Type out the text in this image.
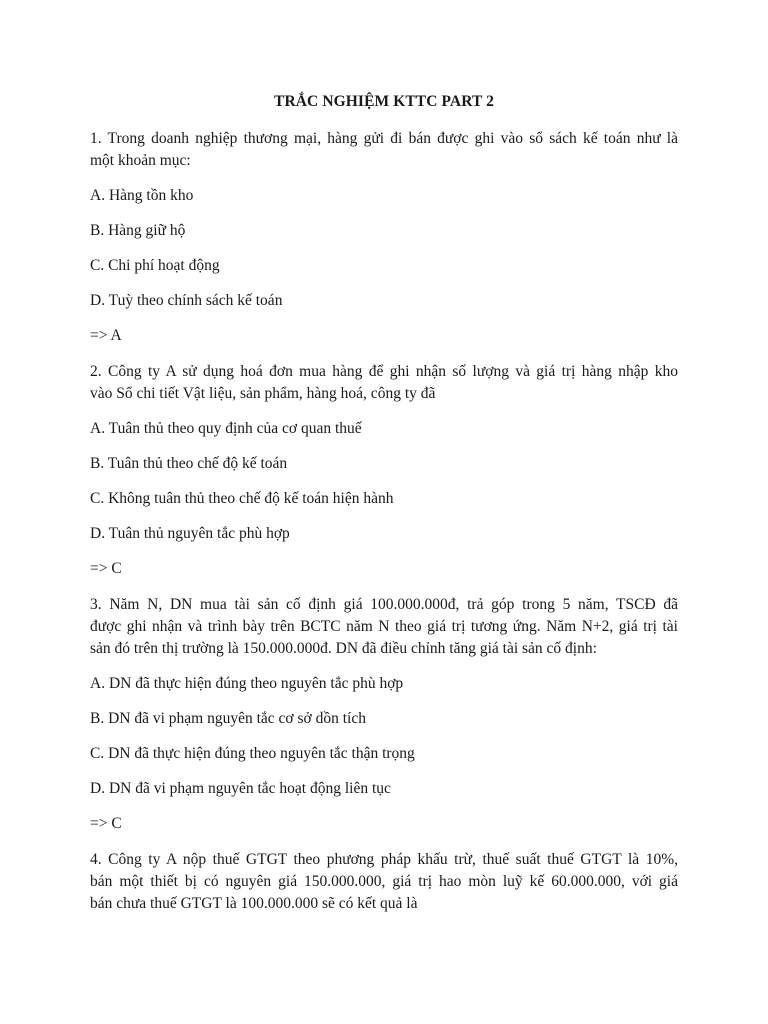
TRẮC NGHIỆM KTTC PART 2
1. Trong doanh nghiệp thương mại, hàng gửi đi bán được ghi vào sổ sách kế toán như là
một khoản mục:
A. Hàng tồn kho
B. Hàng giữ hộ
C. Chi phí hoạt động
D. Tuỳ theo chính sách kế toán
=> A
2. Công ty A sử dụng hoá đơn mua hàng để ghi nhận số lượng và giá trị hàng nhập kho
vào Sổ chi tiết Vật liệu, sản phẩm, hàng hoá, công ty đã
A. Tuân thủ theo quy định của cơ quan thuế
B. Tuân thủ theo chế độ kế toán
C. Không tuân thủ theo chế độ kế toán hiện hành
D. Tuân thủ nguyên tắc phù hợp
=> C
3. Năm N, DN mua tài sản cố định giá 100.000.000đ, trả góp trong 5 năm, TSCĐ đã
được ghi nhận và trình bày trên BCTC năm N theo giá trị tương ứng. Năm N+2, giá trị tài
sản đó trên thị trường là 150.000.000đ. DN đã điều chỉnh tăng giá tài sản cố định:
A. DN đã thực hiện đúng theo nguyên tắc phù hợp
B. DN đã vi phạm nguyên tắc cơ sở dồn tích
C. DN đã thực hiện đúng theo nguyên tắc thận trọng
D. DN đã vi phạm nguyên tắc hoạt động liên tục
=> C
4. Công ty A nộp thuế GTGT theo phương pháp khấu trừ, thuế suất thuế GTGT là 10%,
bán một thiết bị có nguyên giá 150.000.000, giá trị hao mòn luỹ kế 60.000.000, với giá
bán chưa thuế GTGT là 100.000.000 sẽ có kết quả là
